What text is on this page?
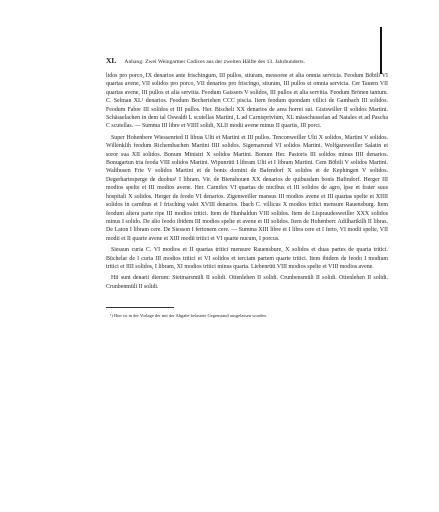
XL Anhang: Zwei Weingartner Codices aus der zweiten Hälfte des 13. Jahrhunderts.

lidos pro porco, IX denarios ante frischingum, III pullos, stiuram, messoree et alia omnia servicia. Feodum Böbili VI quartas avene, VII solidos pro porco, VII denarios pro friscingo, stiuram, III pullos et omnia servicia. Cer Tauern VII quartas avene, III pullos et alia servitia. Feodum Gaissers V solidos, III pullos et alia servitia. Feodum Brönen tantum. C. Selman XL¹ denarios. Feodum Becheriehen CCC piscia. Item feodum quondam villici de Gambach III solidos. Feodum Fabre III solidos et III pullos. Her. Bischeli XX denarios de area horrei sui. Gistswiller II solidos Martini. Schässelachen in dem tal Oswaldi L scutellas Martini, L ad Carnisprivium, XL mässchusselan ad Natales et ad Pascha C scutellas. — Summa III libre et VIIII solidi, XLII modii avene minus II quartis, III porci.

Super Hohenbere Wiessenried II libras Ulti et Martini et III pullos. Tenconweiller Ulti X solidos, Martini V solidos. Willenklih feodum Richembachen Martini IIII solidos. Sigemarsrud VI solidos Martini. Wolfgarsweiller Salatin et soror sua XII solidos. Bonum Ministri X solidos Martini. Bonum Her. Pastoris III solidos minus IIII denarios. Bonugartun tria feoda VIII solidos Martini. Wipunrüti I libram Ulti et I libram Martini. Cem Böbili V solidos Martini. Walthusen Frie V solidos Martini et de bonis domini de Bafendorf X solidos et de Kephingen V solidos. Degerhartesperge de duobus¹ I libram. Vir. de Bienshouen XX denarios de quibusdam bonis Bafindorf. Herger III modios spelte et III modios avene. Her. Carnifex VI quartas de nucibus et III solidos de agro, ipse et frater suus hospitali X solidos. Herger de feodo VI denarios. Zigenweiller mansus III modios avene et III quartas spelte et XIIII solidos in carnibus et I frisching valet XVIII denarios. Ibach C. villicus X modios tritici mensure Rauensburg. Item feodum altera parte ripe III modios tritici. Item de Hunhaldun VIII solidos. Item de Lispraudesweiller XXX solidos minus I solido. De alio feodo ibidem III modios spelte et avene et III solidos. Item de Hohenberc Adilhartkilh II libras. De Laton I libram cere. De Siesson I fertonem cere. — Summa XIII libre et I libra cere et I ferto, VI modii spelte, VII modii et II quarte avene et XIII modii tritici et VI quarte nucum, I porcus.

Siessun curia C. VI modios et II quartas tritici mensure Rauensbure, X solidos et duas partes de quarta tritici. Büchelar de I curia III modios tritici et VI solidos et terciam partem quarte tritici. Item ibidem de feodo I modium tritici et IIII solidos, I libram, XI modios tritici minus quarta. Liebenrüti VIII modios spelte et VIII modios avene.

Hii sunt denarii dierum: Steimarsmüli II solidi. Ottenlehen II solidi. Crunbensmüli II solidi. Ottenlehen II solidi. Crunbenmüli II solidi.

¹) Hier ist in der Vorlage der mit der Abgabe belastete Gegenstand ausgelassen worden.
